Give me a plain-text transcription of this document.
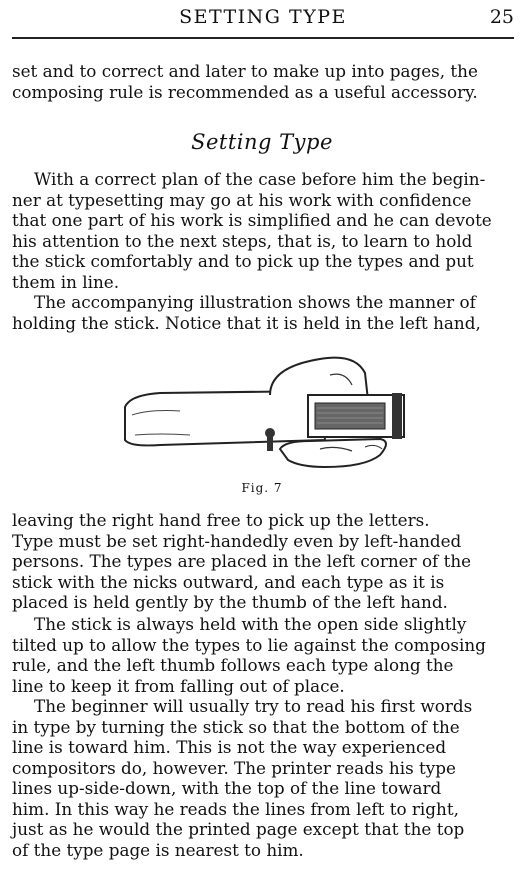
SETTING TYPE	25
set and to correct and later to make up into pages, the
composing rule is recommended as a useful accessory.
Setting Type
With a correct plan of the case before him the begin-
ner at typesetting may go at his work with confidence
that one part of his work is simplified and he can devote
his attention to the next steps, that is, to learn to hold
the stick comfortably and to pick up the types and put
them in line.
The accompanying illustration shows the manner of
holding the stick. Notice that it is held in the left hand,
Fig. 7
leaving the right hand free to pick up the letters.
Type must be set right-handedly even by left-handed
persons. The types are placed in the left corner of the
stick with the nicks outward, and each type as it is
placed is held gently by the thumb of the left hand.
The stick is always held with the open side slightly
tilted up to allow the types to lie against the composing
rule, and the left thumb follows each type along the
line to keep it from falling out of place.
The beginner will usually try to read his first words
in type by turning the stick so that the bottom of the
line is toward him. This is not the way experienced
compositors do, however. The printer reads his type
lines up-side-down, with the top of the line toward
him. In this way he reads the lines from left to right,
just as he would the printed page except that the top
of the type page is nearest to him.
